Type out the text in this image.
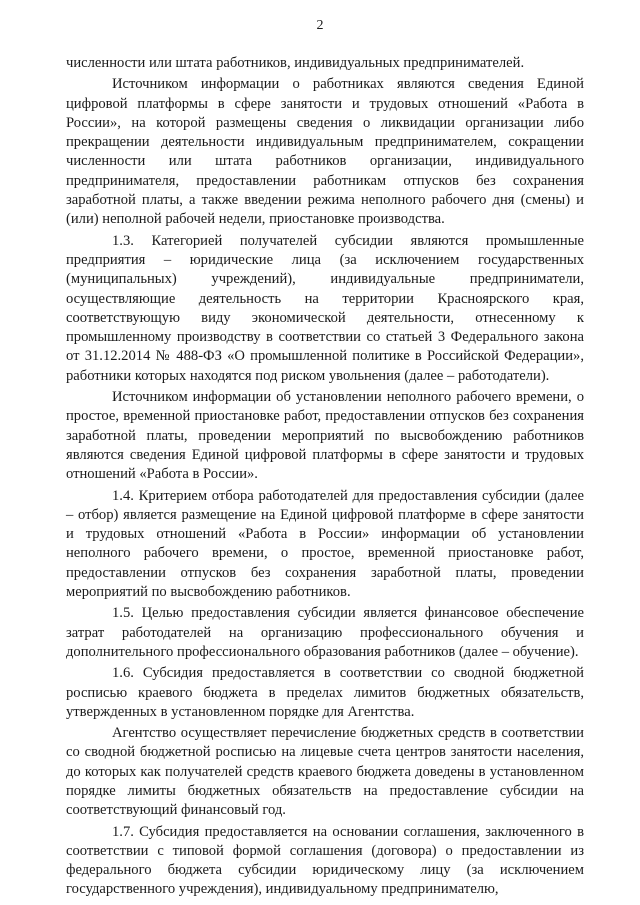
2

численности или штата работников, индивидуальных предпринимателей.

Источником информации о работниках являются сведения Единой цифровой платформы в сфере занятости и трудовых отношений «Работа в России», на которой размещены сведения о ликвидации организации либо прекращении деятельности индивидуальным предпринимателем, сокращении численности или штата работников организации, индивидуального предпринимателя, предоставлении работникам отпусков без сохранения заработной платы, а также введении режима неполного рабочего дня (смены) и (или) неполной рабочей недели, приостановке производства.

1.3. Категорией получателей субсидии являются промышленные предприятия – юридические лица (за исключением государственных (муниципальных) учреждений), индивидуальные предприниматели, осуществляющие деятельность на территории Красноярского края, соответствующую виду экономической деятельности, отнесенному к промышленному производству в соответствии со статьей 3 Федерального закона от 31.12.2014 № 488-ФЗ «О промышленной политике в Российской Федерации», работники которых находятся под риском увольнения (далее – работодатели).

Источником информации об установлении неполного рабочего времени, о простое, временной приостановке работ, предоставлении отпусков без сохранения заработной платы, проведении мероприятий по высвобождению работников являются сведения Единой цифровой платформы в сфере занятости и трудовых отношений «Работа в России».

1.4. Критерием отбора работодателей для предоставления субсидии (далее – отбор) является размещение на Единой цифровой платформе в сфере занятости и трудовых отношений «Работа в России» информации об установлении неполного рабочего времени, о простое, временной приостановке работ, предоставлении отпусков без сохранения заработной платы, проведении мероприятий по высвобождению работников.

1.5. Целью предоставления субсидии является финансовое обеспечение затрат работодателей на организацию профессионального обучения и дополнительного профессионального образования работников (далее – обучение).

1.6. Субсидия предоставляется в соответствии со сводной бюджетной росписью краевого бюджета в пределах лимитов бюджетных обязательств, утвержденных в установленном порядке для Агентства.

Агентство осуществляет перечисление бюджетных средств в соответствии со сводной бюджетной росписью на лицевые счета центров занятости населения, до которых как получателей средств краевого бюджета доведены в установленном порядке лимиты бюджетных обязательств на предоставление субсидии на соответствующий финансовый год.

1.7. Субсидия предоставляется на основании соглашения, заключенного в соответствии с типовой формой соглашения (договора) о предоставлении из федерального бюджета субсидии юридическому лицу (за исключением государственного учреждения), индивидуальному предпринимателю,
